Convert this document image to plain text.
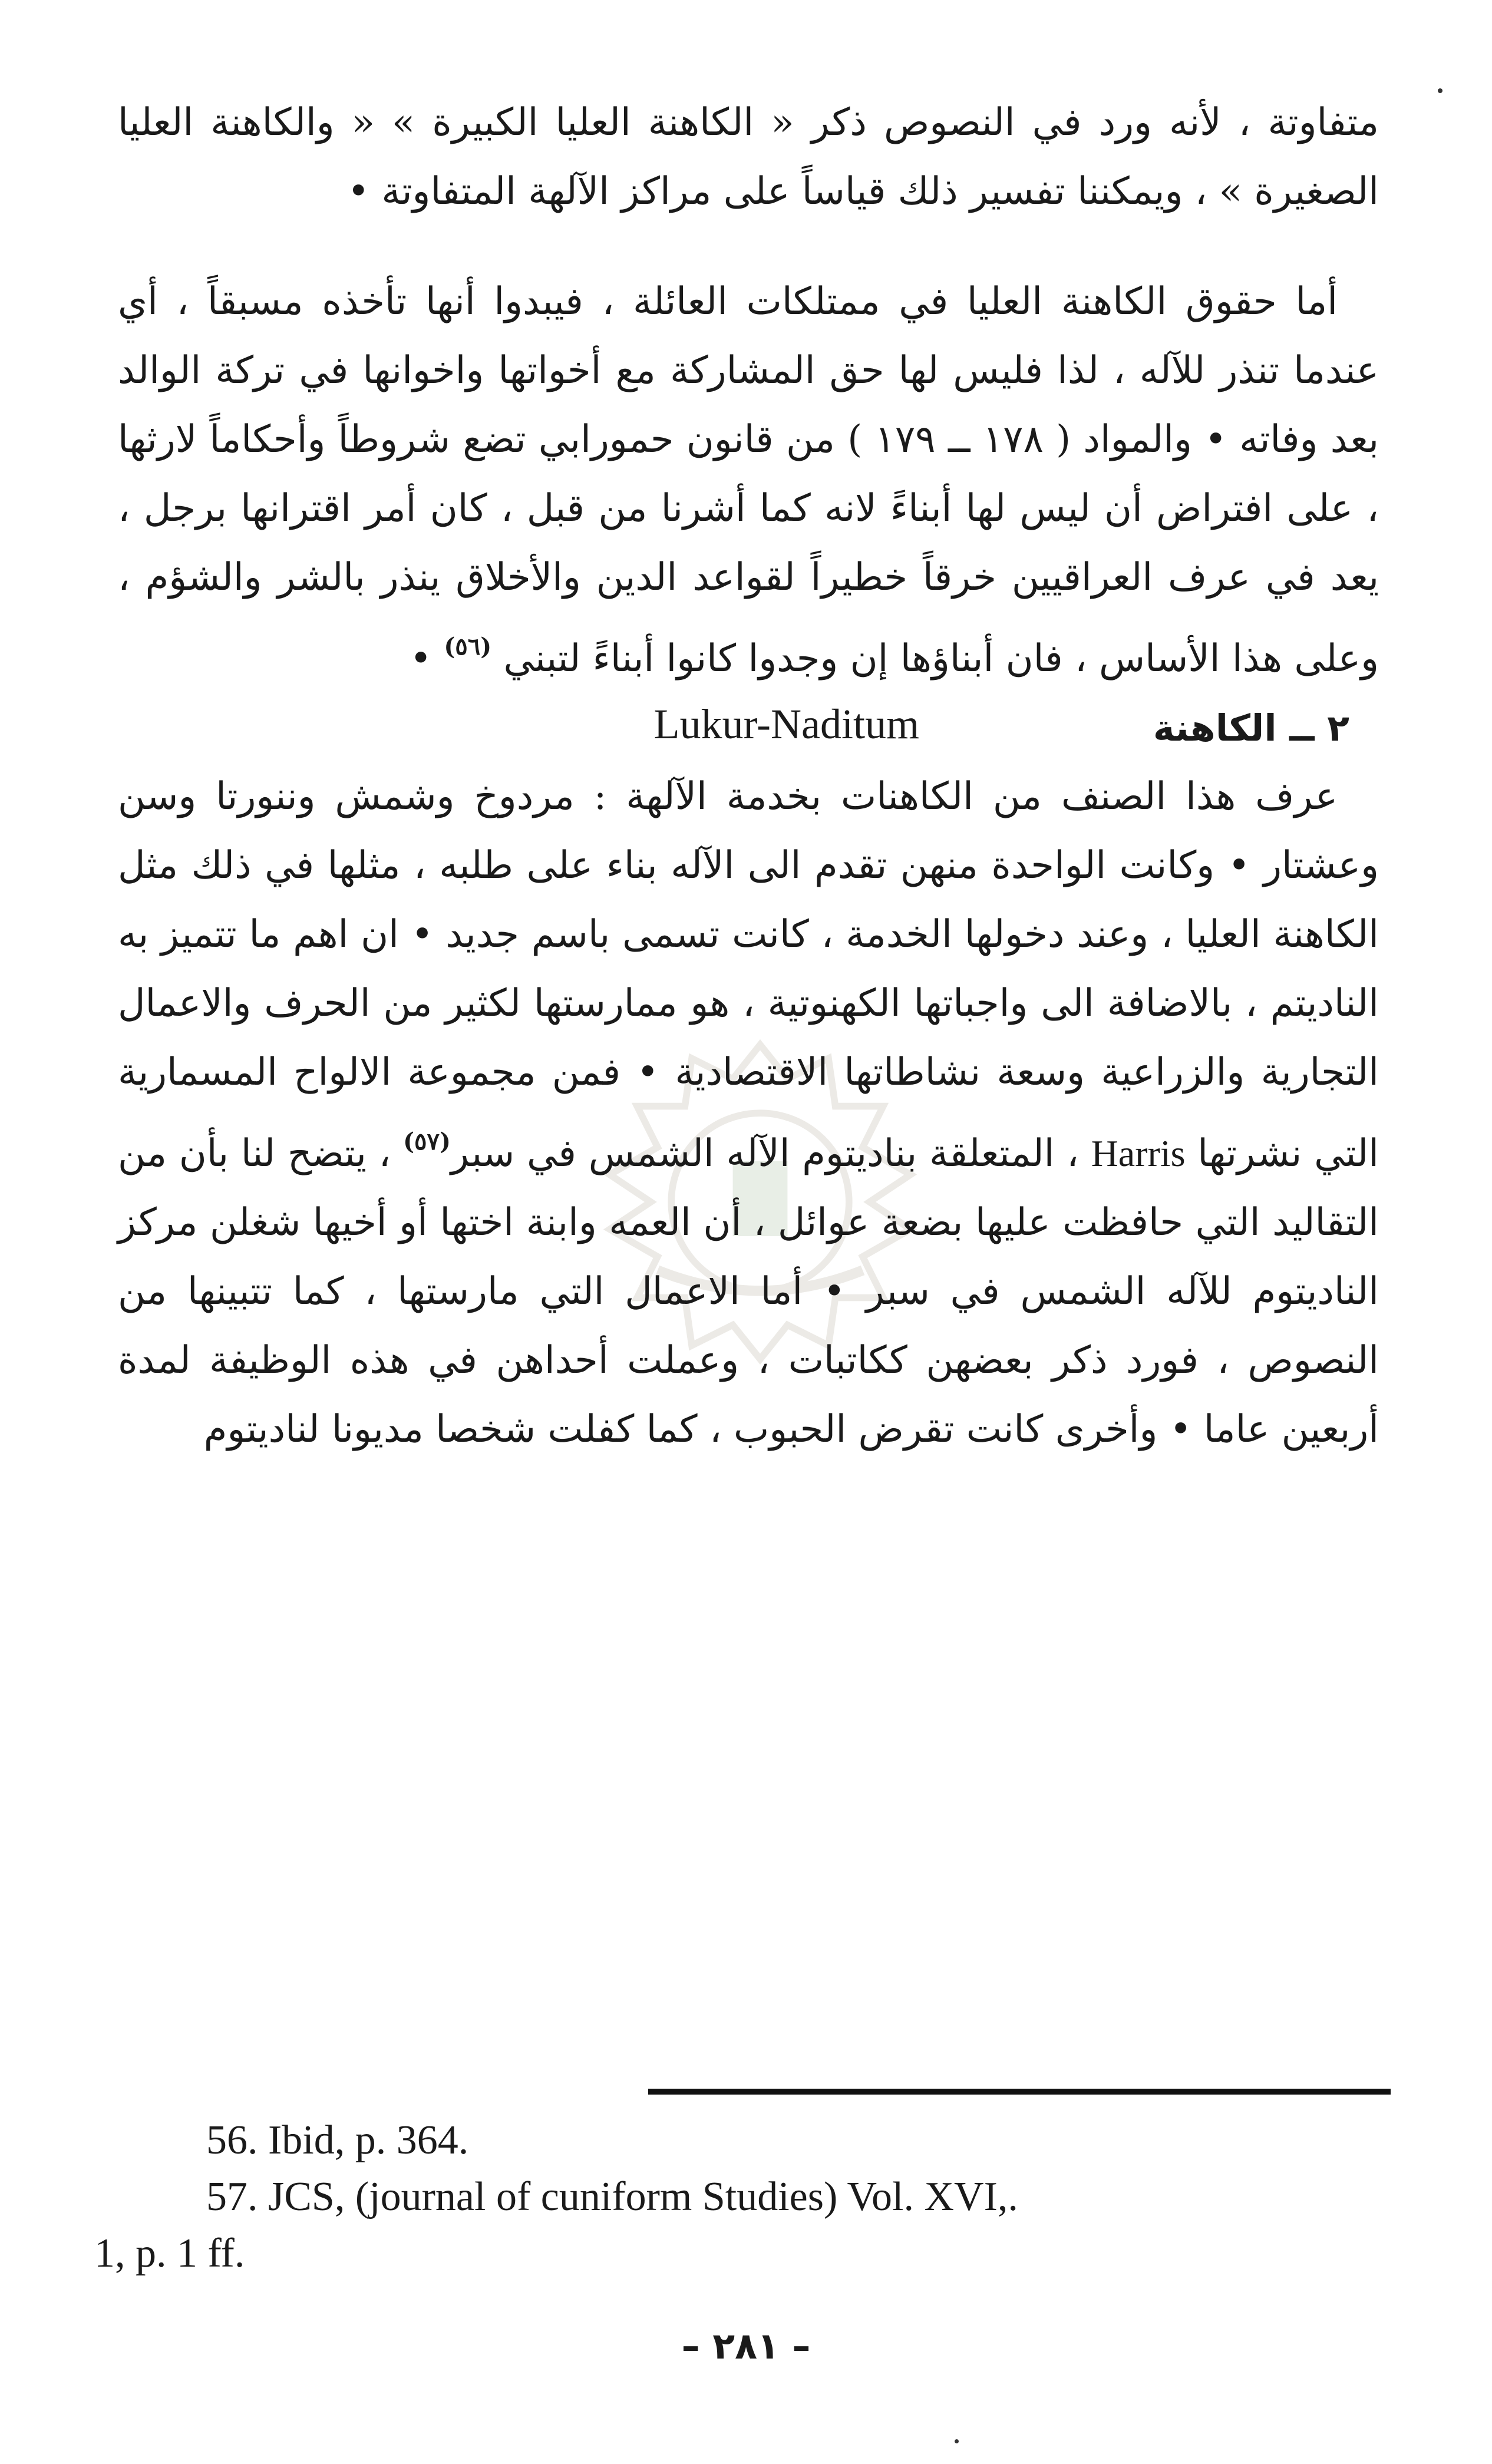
متفاوتة ، لأنه ورد في النصوص ذكر « الكاهنة العليا الكبيرة » « والكاهنة العليا الصغيرة » ، ويمكننا تفسير ذلك قياساً على مراكز الآلهة المتفاوتة •

أما حقوق الكاهنة العليا في ممتلكات العائلة ، فيبدوا أنها تأخذه مسبقاً ، أي عندما تنذر للآله ، لذا فليس لها حق المشاركة مع أخواتها واخوانها في تركة الوالد بعد وفاته • والمواد ( ١٧٨ ــ ١٧٩ ) من قانون حمورابي تضع شروطاً وأحكاماً لارثها ، على افتراض أن ليس لها أبناءً لانه كما أشرنا من قبل ، كان أمر اقترانها برجل ، يعد في عرف العراقيين خرقاً خطيراً لقواعد الدين والأخلاق ينذر بالشر والشؤم ، وعلى هذا الأساس ، فان أبناؤها إن وجدوا كانوا أبناءً لتبني $^{(٥٦)}$ •

٢ ــ الكاهنة
Lukur-Naditum

عرف هذا الصنف من الكاهنات بخدمة الآلهة : مردوخ وشمش وننورتا وسن وعشتار • وكانت الواحدة منهن تقدم الى الآله بناء على طلبه ، مثلها في ذلك مثل الكاهنة العليا ، وعند دخولها الخدمة ، كانت تسمى باسم جديد • ان اهم ما تتميز به الناديتم ، بالاضافة الى واجباتها الكهنوتية ، هو ممارستها لكثير من الحرف والاعمال التجارية والزراعية وسعة نشاطاتها الاقتصادية • فمن مجموعة الالواح المسمارية التي نشرتها Harris ، المتعلقة بناديتوم الآله الشمس في سبر$^{(٥٧)}$ ، يتضح لنا بأن من التقاليد التي حافظت عليها بضعة عوائل ، أن العمه وابنة اختها أو أخيها شغلن مركز الناديتوم للآله الشمس في سبر • أما الاعمال التي مارستها ، كما تتبينها من النصوص ، فورد ذكر بعضهن ككاتبات ، وعملت أحداهن في هذه الوظيفة لمدة أربعين عاما • وأخرى كانت تقرض الحبوب ، كما كفلت شخصا مديونا لناديتوم

56. Ibid, p. 364.
57. JCS, (journal of cuniform Studies) Vol. XVI,.
1, p. 1 ff.
– ٢٨١ –
